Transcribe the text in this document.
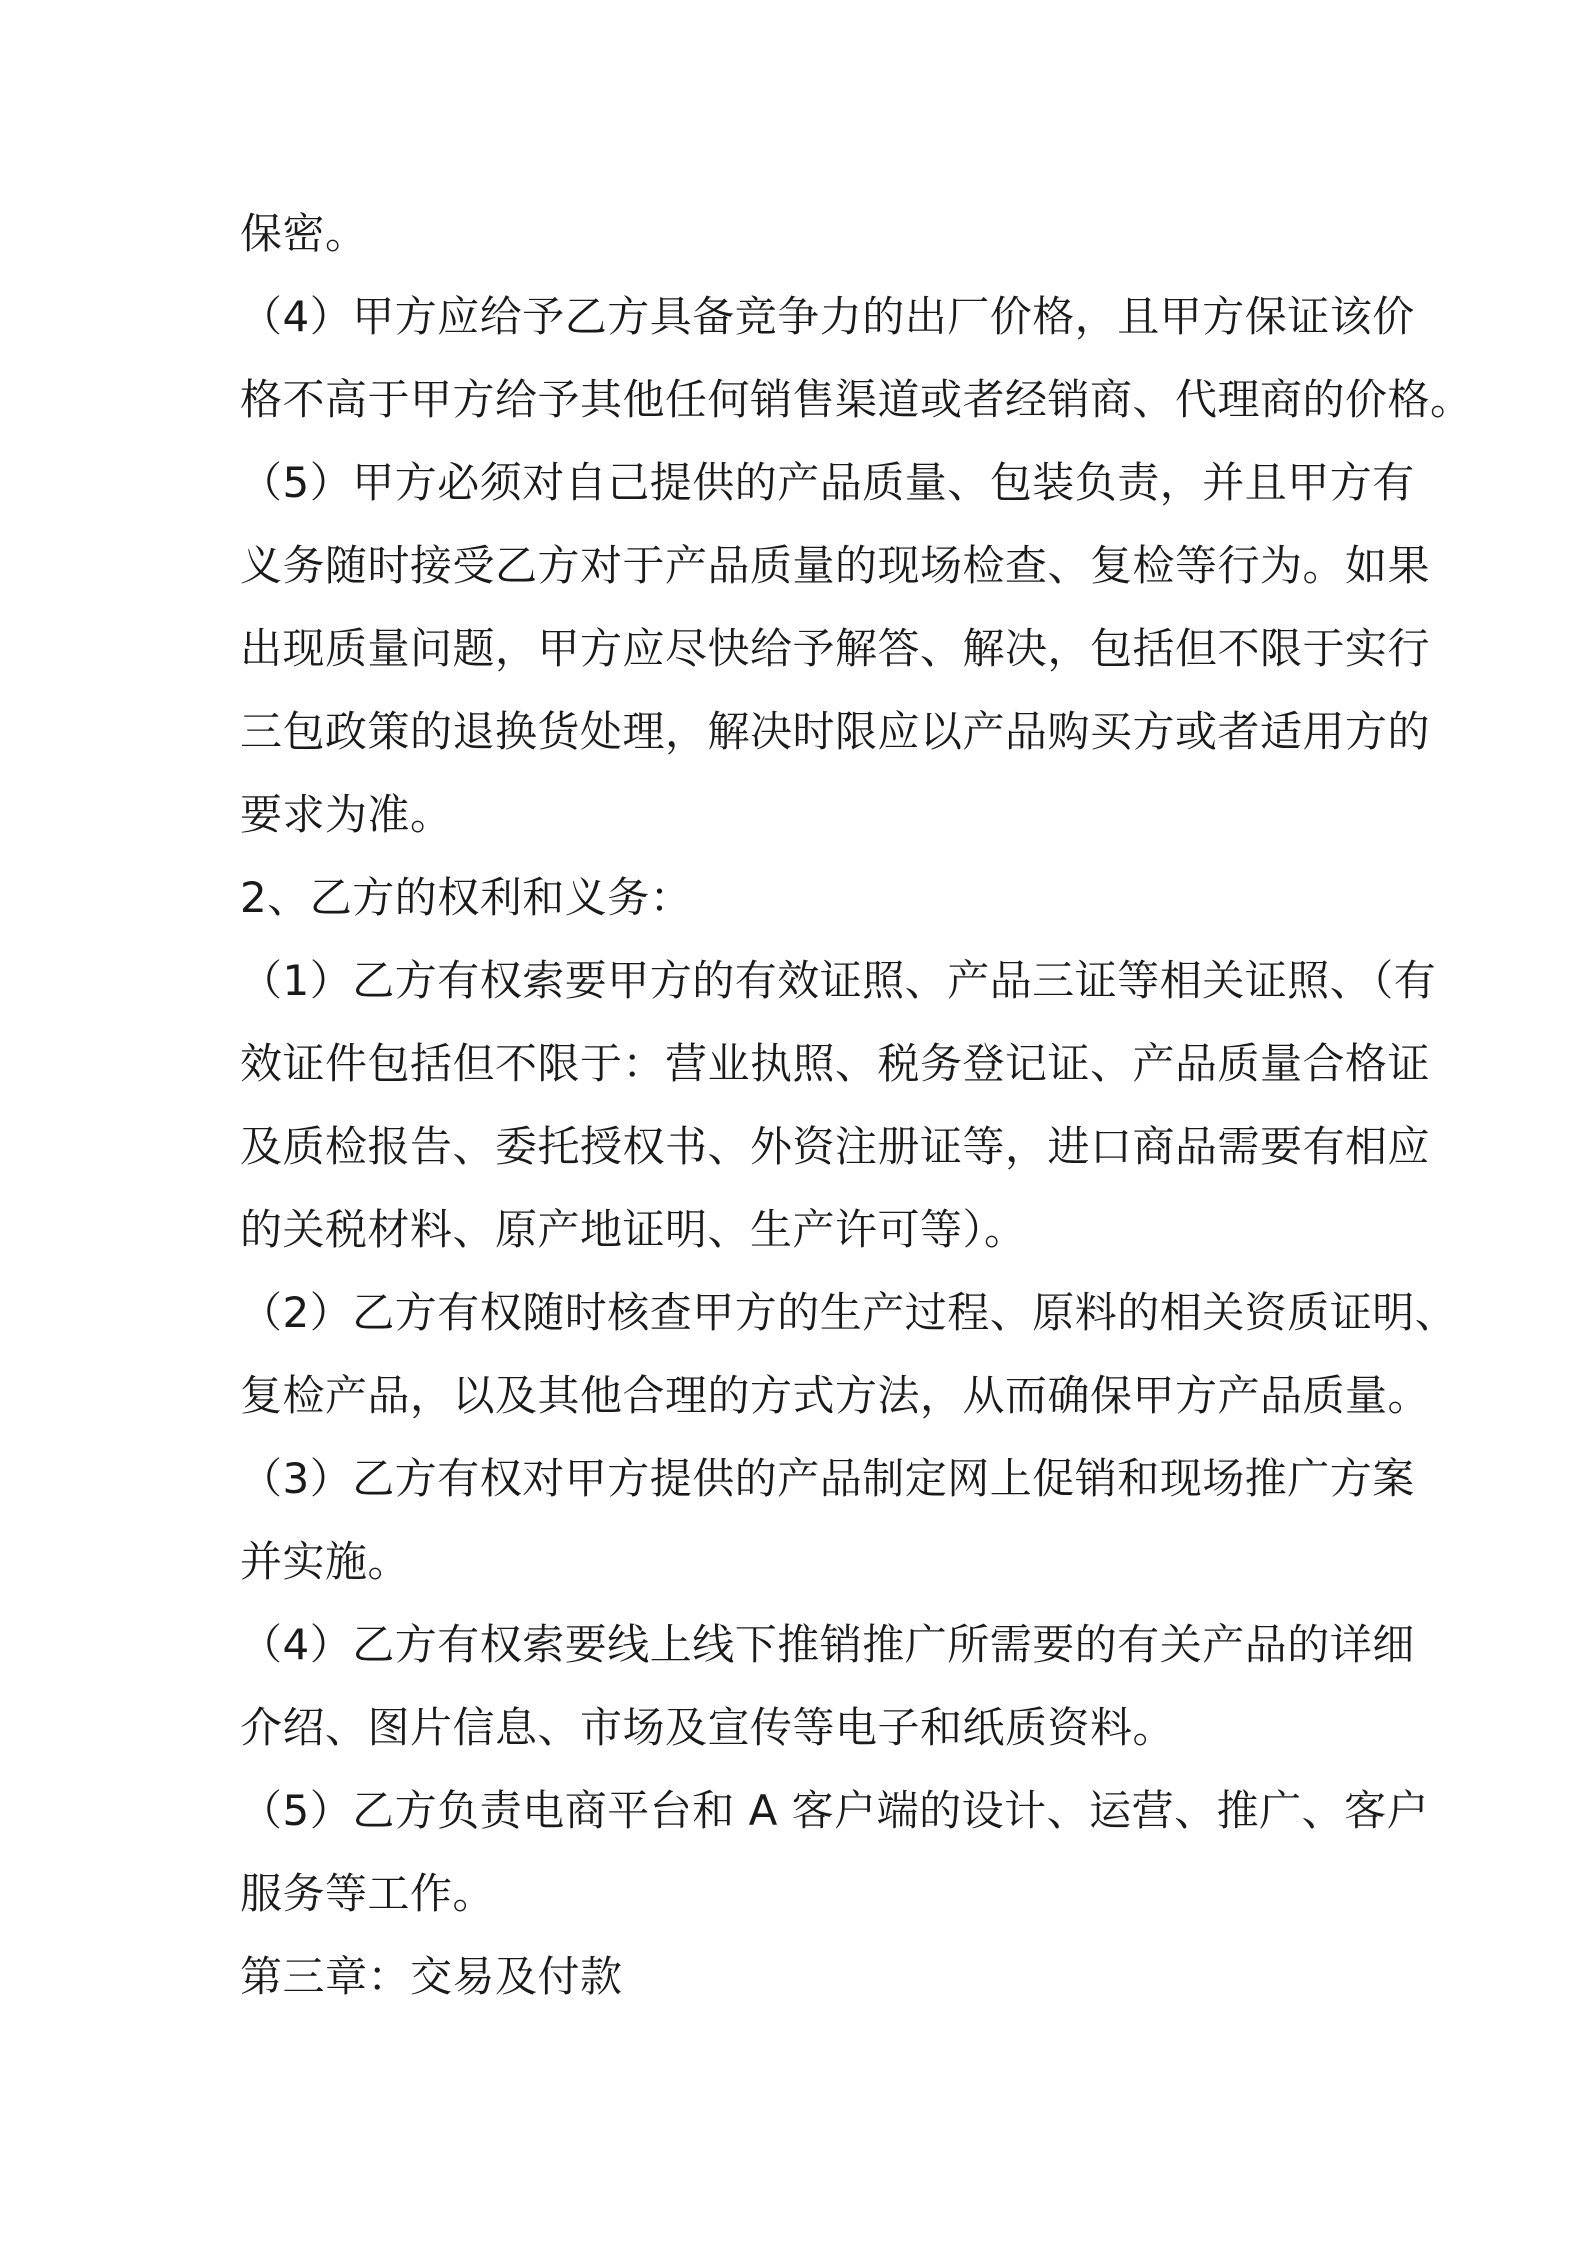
保密。
（4）甲方应给予乙方具备竞争力的出厂价格，且甲方保证该价
格不高于甲方给予其他任何销售渠道或者经销商、代理商的价格。
（5）甲方必须对自己提供的产品质量、包装负责，并且甲方有
义务随时接受乙方对于产品质量的现场检查、复检等行为。如果
出现质量问题，甲方应尽快给予解答、解决，包括但不限于实行
三包政策的退换货处理，解决时限应以产品购买方或者适用方的
要求为准。
2、乙方的权利和义务：
（1）乙方有权索要甲方的有效证照、产品三证等相关证照、（有
效证件包括但不限于：营业执照、税务登记证、产品质量合格证
及质检报告、委托授权书、外资注册证等，进口商品需要有相应
的关税材料、原产地证明、生产许可等）。
（2）乙方有权随时核查甲方的生产过程、原料的相关资质证明、
复检产品，以及其他合理的方式方法，从而确保甲方产品质量。
（3）乙方有权对甲方提供的产品制定网上促销和现场推广方案
并实施。
（4）乙方有权索要线上线下推销推广所需要的有关产品的详细
介绍、图片信息、市场及宣传等电子和纸质资料。
（5）乙方负责电商平台和 A 客户端的设计、运营、推广、客户
服务等工作。
第三章：交易及付款
